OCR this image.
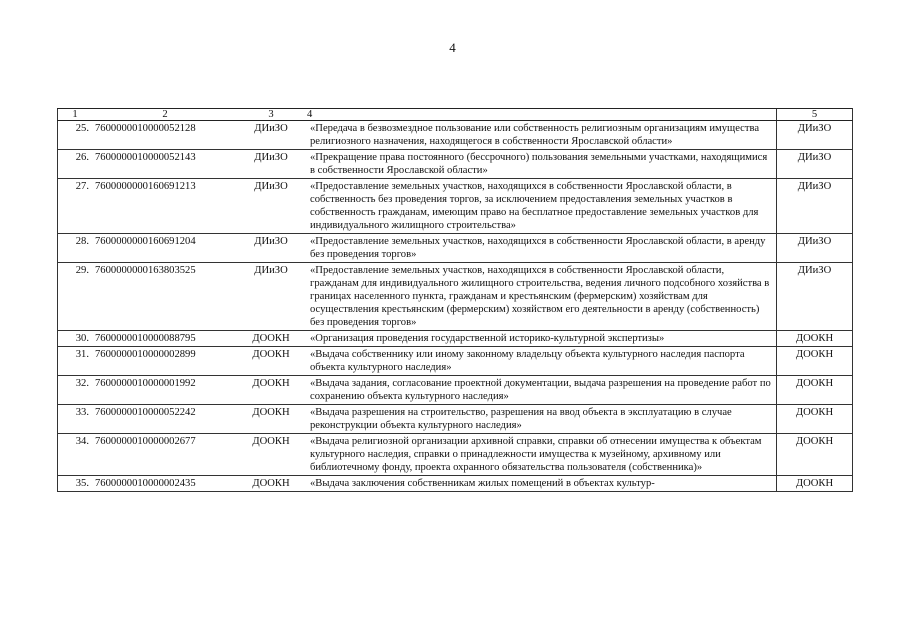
4
1	2	3	4	5
25.	7600000010000052128	ДИиЗО	«Передача в безвозмездное пользование или собственность религиозным организациям имущества религиозного назначения, находящегося в собственности Ярославской области»	ДИиЗО
26.	7600000010000052143	ДИиЗО	«Прекращение права постоянного (бессрочного) пользования земельными участками, находящимися в собственности Ярославской области»	ДИиЗО
27.	7600000000160691213	ДИиЗО	«Предоставление земельных участков, находящихся в собственности Ярославской области, в собственность без проведения торгов, за исключением предоставления земельных участков в собственность гражданам, имеющим право на бесплатное предоставление земельных участков для индивидуального жилищного строительства»	ДИиЗО
28.	7600000000160691204	ДИиЗО	«Предоставление земельных участков, находящихся в собственности Ярославской области, в аренду без проведения торгов»	ДИиЗО
29.	7600000000163803525	ДИиЗО	«Предоставление земельных участков, находящихся в собственности Ярославской области, гражданам для индивидуального жилищного строительства, ведения личного подсобного хозяйства в границах населенного пункта, гражданам и крестьянским (фермерским) хозяйствам для осуществления крестьянским (фермерским) хозяйством его деятельности в аренду (собственность) без проведения торгов»	ДИиЗО
30.	7600000010000088795	ДООКН	«Организация проведения государственной историко-культурной экспертизы»	ДООКН
31.	7600000010000002899	ДООКН	«Выдача собственнику или иному законному владельцу объекта культурного наследия паспорта объекта культурного наследия»	ДООКН
32.	7600000010000001992	ДООКН	«Выдача задания, согласование проектной документации, выдача разрешения на проведение работ по сохранению объекта культурного наследия»	ДООКН
33.	7600000010000052242	ДООКН	«Выдача разрешения на строительство, разрешения на ввод объекта в эксплуатацию в случае реконструкции объекта культурного наследия»	ДООКН
34.	7600000010000002677	ДООКН	«Выдача религиозной организации архивной справки, справки об отнесении имущества к объектам культурного наследия, справки о принадлежности имущества к музейному, архивному или библиотечному фонду, проекта охранного обязательства пользователя (собственника)»	ДООКН
35.	7600000010000002435	ДООКН	«Выдача заключения собственникам жилых помещений в объектах культур-	ДООКН
